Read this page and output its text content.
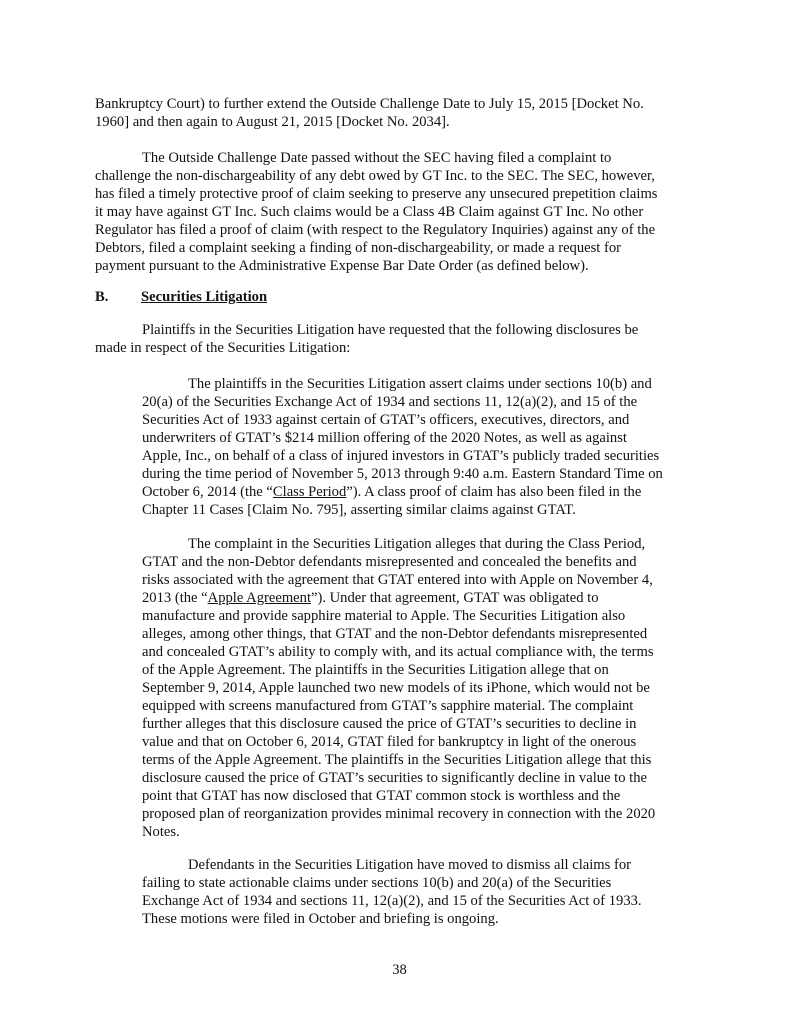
Bankruptcy Court) to further extend the Outside Challenge Date to July 15, 2015 [Docket No.
1960] and then again to August 21, 2015 [Docket No. 2034].

The Outside Challenge Date passed without the SEC having filed a complaint to
challenge the non-dischargeability of any debt owed by GT Inc. to the SEC. The SEC, however,
has filed a timely protective proof of claim seeking to preserve any unsecured prepetition claims
it may have against GT Inc. Such claims would be a Class 4B Claim against GT Inc. No other
Regulator has filed a proof of claim (with respect to the Regulatory Inquiries) against any of the
Debtors, filed a complaint seeking a finding of non-dischargeability, or made a request for
payment pursuant to the Administrative Expense Bar Date Order (as defined below).

B. Securities Litigation

Plaintiffs in the Securities Litigation have requested that the following disclosures be
made in respect of the Securities Litigation:

The plaintiffs in the Securities Litigation assert claims under sections 10(b) and
20(a) of the Securities Exchange Act of 1934 and sections 11, 12(a)(2), and 15 of the
Securities Act of 1933 against certain of GTAT’s officers, executives, directors, and
underwriters of GTAT’s $214 million offering of the 2020 Notes, as well as against
Apple, Inc., on behalf of a class of injured investors in GTAT’s publicly traded securities
during the time period of November 5, 2013 through 9:40 a.m. Eastern Standard Time on
October 6, 2014 (the “Class Period”). A class proof of claim has also been filed in the
Chapter 11 Cases [Claim No. 795], asserting similar claims against GTAT.

The complaint in the Securities Litigation alleges that during the Class Period,
GTAT and the non-Debtor defendants misrepresented and concealed the benefits and
risks associated with the agreement that GTAT entered into with Apple on November 4,
2013 (the “Apple Agreement”). Under that agreement, GTAT was obligated to
manufacture and provide sapphire material to Apple. The Securities Litigation also
alleges, among other things, that GTAT and the non-Debtor defendants misrepresented
and concealed GTAT’s ability to comply with, and its actual compliance with, the terms
of the Apple Agreement. The plaintiffs in the Securities Litigation allege that on
September 9, 2014, Apple launched two new models of its iPhone, which would not be
equipped with screens manufactured from GTAT’s sapphire material. The complaint
further alleges that this disclosure caused the price of GTAT’s securities to decline in
value and that on October 6, 2014, GTAT filed for bankruptcy in light of the onerous
terms of the Apple Agreement. The plaintiffs in the Securities Litigation allege that this
disclosure caused the price of GTAT’s securities to significantly decline in value to the
point that GTAT has now disclosed that GTAT common stock is worthless and the
proposed plan of reorganization provides minimal recovery in connection with the 2020
Notes.

Defendants in the Securities Litigation have moved to dismiss all claims for
failing to state actionable claims under sections 10(b) and 20(a) of the Securities
Exchange Act of 1934 and sections 11, 12(a)(2), and 15 of the Securities Act of 1933.
These motions were filed in October and briefing is ongoing.

38
